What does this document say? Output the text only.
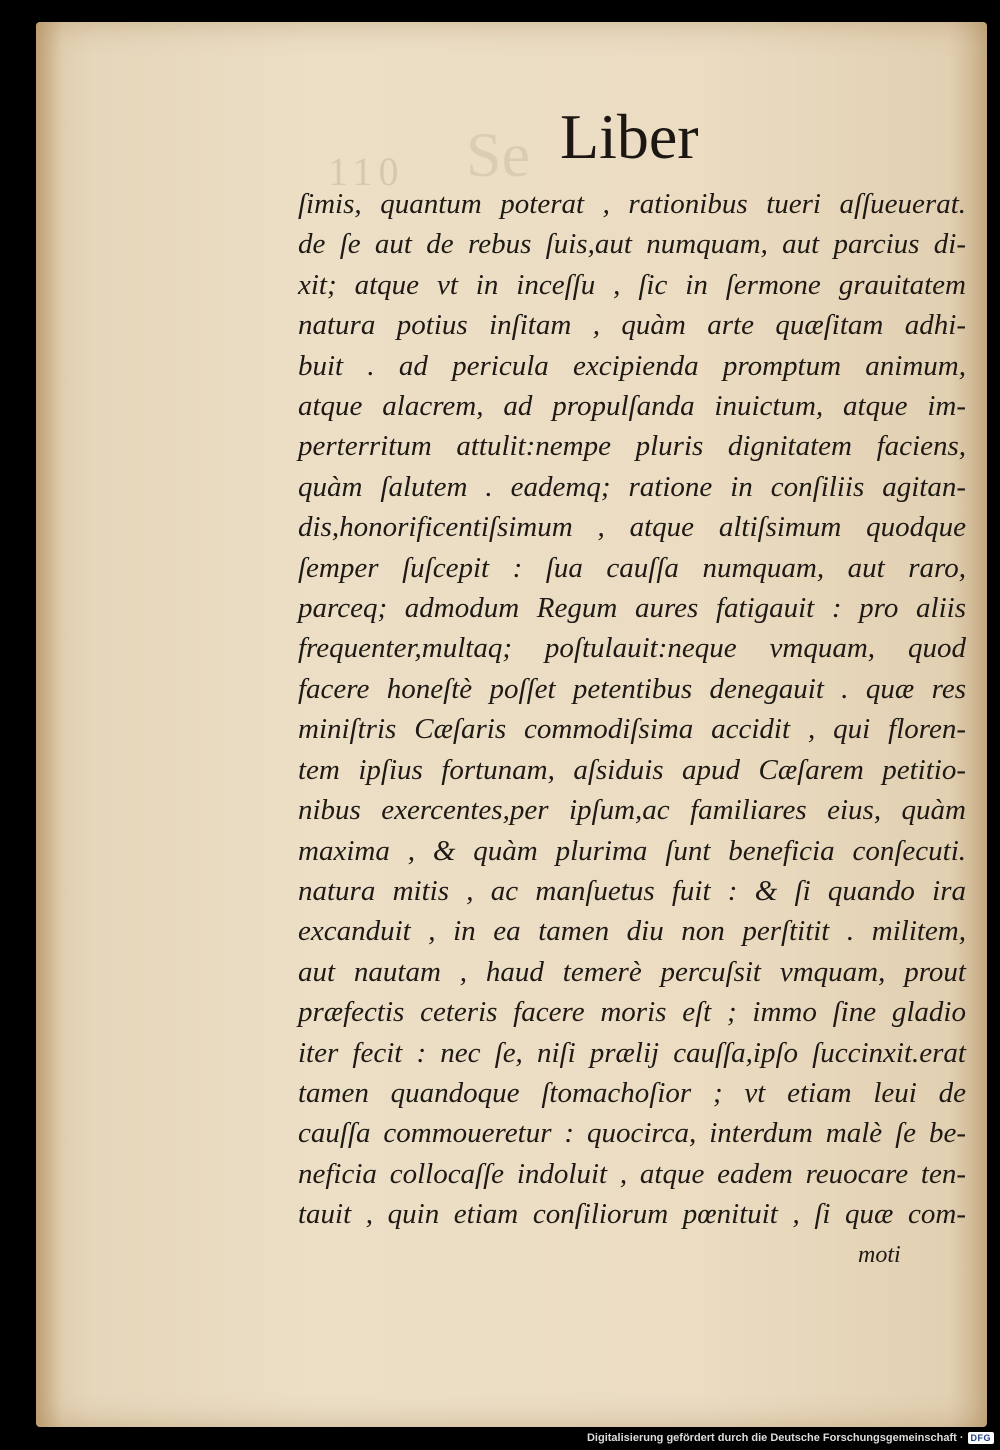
Se
110 Liber
ſimis, quantum poterat , rationibus tueri aſſueuerat.
de ſe aut de rebus ſuis,aut numquam, aut parcius di-
xit; atque vt in inceſſu , ſic in ſermone grauitatem
natura potius inſitam , quàm arte quæſitam adhi-
buit . ad pericula excipienda promptum animum,
atque alacrem, ad propulſanda inuictum, atque im-
perterritum attulit:nempe pluris dignitatem faciens,
quàm ſalutem . eademq; ratione in conſiliis agitan-
dis,honorificentiſsimum , atque altiſsimum quodque
ſemper ſuſcepit : ſua cauſſa numquam, aut raro,
parceq; admodum Regum aures fatigauit : pro aliis
frequenter,multaq; poſtulauit:neque vmquam, quod
facere honeſtè poſſet petentibus denegauit . quæ res
miniſtris Cæſaris commodiſsima accidit , qui floren-
tem ipſius fortunam, aſsiduis apud Cæſarem petitio-
nibus exercentes,per ipſum,ac familiares eius, quàm
maxima , & quàm plurima ſunt beneficia conſecuti.
natura mitis , ac manſuetus fuit : & ſi quando ira
excanduit , in ea tamen diu non perſtitit . militem,
aut nautam , haud temerè percuſsit vmquam, prout
præfectis ceteris facere moris eſt ; immo ſine gladio
iter fecit : nec ſe, niſi prælij cauſſa,ipſo ſuccinxit.erat
tamen quandoque ſtomachoſior ; vt etiam leui de
cauſſa commoueretur : quocirca, interdum malè ſe be-
neficia collocaſſe indoluit , atque eadem reuocare ten-
tauit , quin etiam conſiliorum pœnituit , ſi quæ com-
moti
Digitalisierung gefördert durch die Deutsche Forschungsgemeinschaft · DFG
